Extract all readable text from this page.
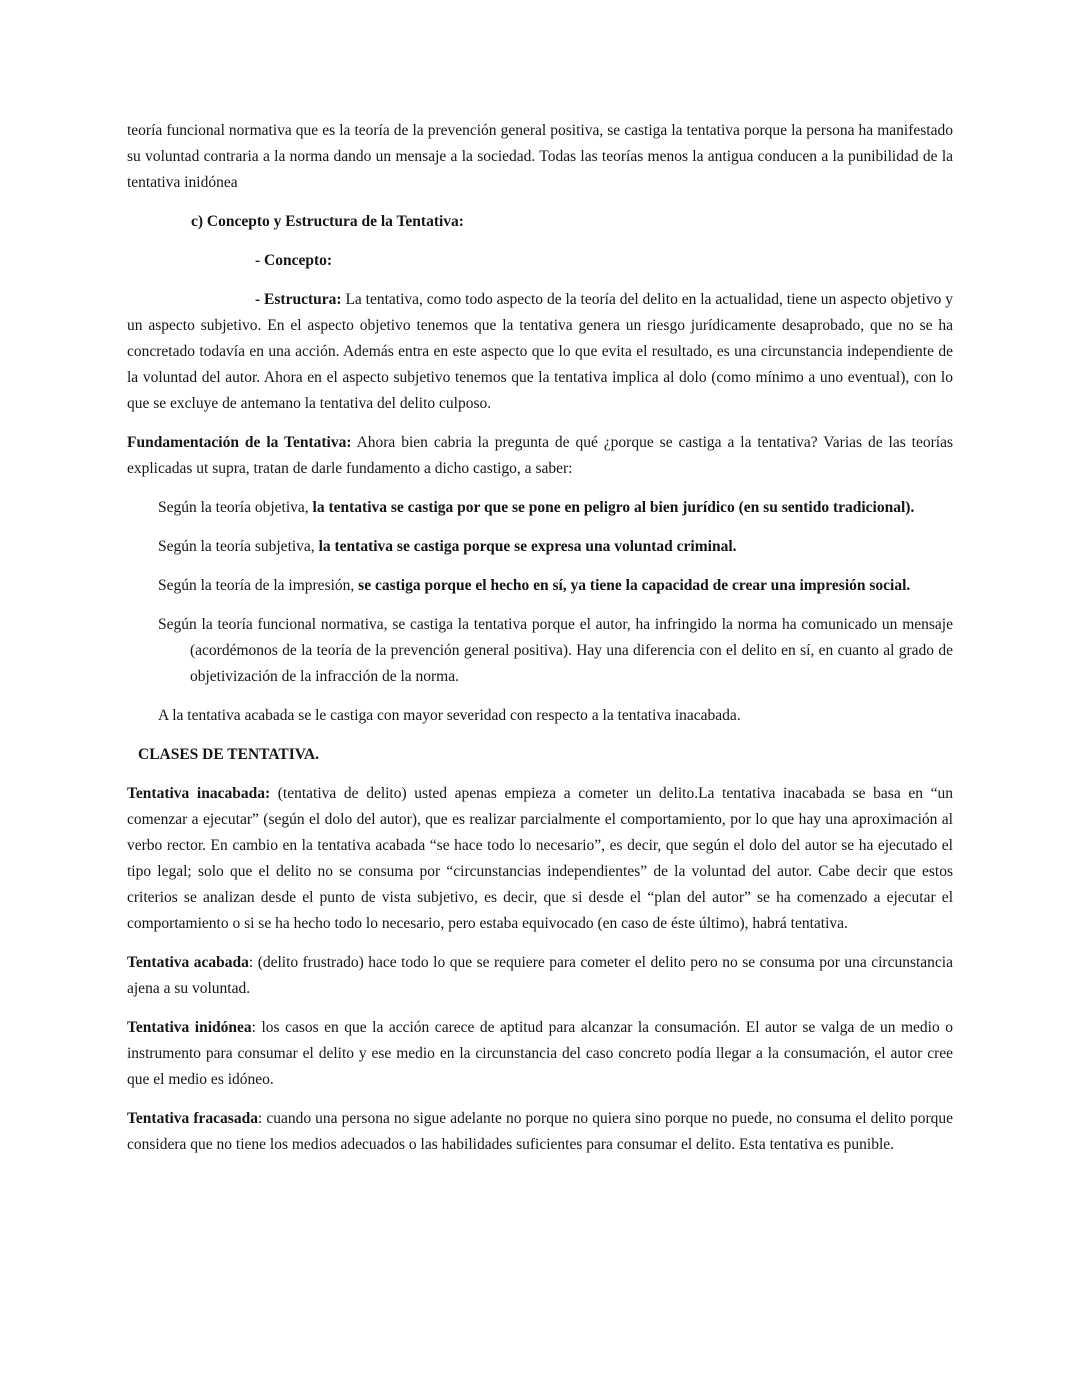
teoría funcional normativa que es la teoría de la prevención general positiva, se castiga la tentativa porque la persona ha manifestado su voluntad contraria a la norma dando un mensaje a la sociedad. Todas las teorías menos la antigua conducen a la punibilidad de la tentativa inidónea

c) Concepto y Estructura de la Tentativa:

- Concepto:

- Estructura: La tentativa, como todo aspecto de la teoría del delito en la actualidad, tiene un aspecto objetivo y un aspecto subjetivo. En el aspecto objetivo tenemos que la tentativa genera un riesgo jurídicamente desaprobado, que no se ha concretado todavía en una acción. Además entra en este aspecto que lo que evita el resultado, es una circunstancia independiente de la voluntad del autor. Ahora en el aspecto subjetivo tenemos que la tentativa implica al dolo (como mínimo a uno eventual), con lo que se excluye de antemano la tentativa del delito culposo.

Fundamentación de la Tentativa: Ahora bien cabria la pregunta de qué ¿porque se castiga a la tentativa? Varias de las teorías explicadas ut supra, tratan de darle fundamento a dicho castigo, a saber:

Según la teoría objetiva, la tentativa se castiga por que se pone en peligro al bien jurídico (en su sentido tradicional).

Según la teoría subjetiva, la tentativa se castiga porque se expresa una voluntad criminal.

Según la teoría de la impresión, se castiga porque el hecho en sí, ya tiene la capacidad de crear una impresión social.

Según la teoría funcional normativa, se castiga la tentativa porque el autor, ha infringido la norma ha comunicado un mensaje (acordémonos de la teoría de la prevención general positiva). Hay una diferencia con el delito en sí, en cuanto al grado de objetivización de la infracción de la norma.

A la tentativa acabada se le castiga con mayor severidad con respecto a la tentativa inacabada.

CLASES DE TENTATIVA.

Tentativa inacabada: (tentativa de delito) usted apenas empieza a cometer un delito.La tentativa inacabada se basa en “un comenzar a ejecutar” (según el dolo del autor), que es realizar parcialmente el comportamiento, por lo que hay una aproximación al verbo rector. En cambio en la tentativa acabada “se hace todo lo necesario”, es decir, que según el dolo del autor se ha ejecutado el tipo legal; solo que el delito no se consuma por “circunstancias independientes” de la voluntad del autor. Cabe decir que estos criterios se analizan desde el punto de vista subjetivo, es decir, que si desde el “plan del autor” se ha comenzado a ejecutar el comportamiento o si se ha hecho todo lo necesario, pero estaba equivocado (en caso de éste último), habrá tentativa.

Tentativa acabada: (delito frustrado) hace todo lo que se requiere para cometer el delito pero no se consuma por una circunstancia ajena a su voluntad.

Tentativa inidónea: los casos en que la acción carece de aptitud para alcanzar la consumación. El autor se valga de un medio o instrumento para consumar el delito y ese medio en la circunstancia del caso concreto podía llegar a la consumación, el autor cree que el medio es idóneo.

Tentativa fracasada: cuando una persona no sigue adelante no porque no quiera sino porque no puede, no consuma el delito porque considera que no tiene los medios adecuados o las habilidades suficientes para consumar el delito. Esta tentativa es punible.
